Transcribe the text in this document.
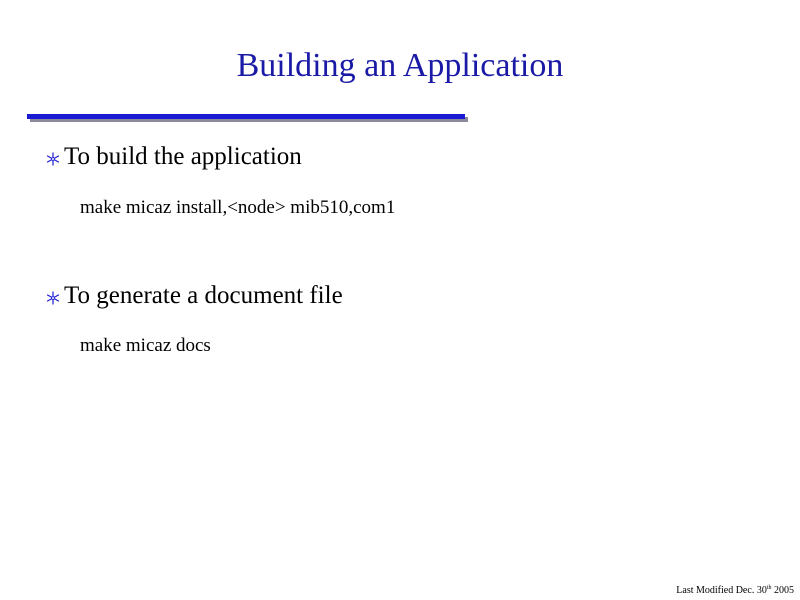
Building an Application
To build the application
make micaz install,<node> mib510,com1
To generate a document file
make micaz docs
Last Modified Dec. 30th 2005
